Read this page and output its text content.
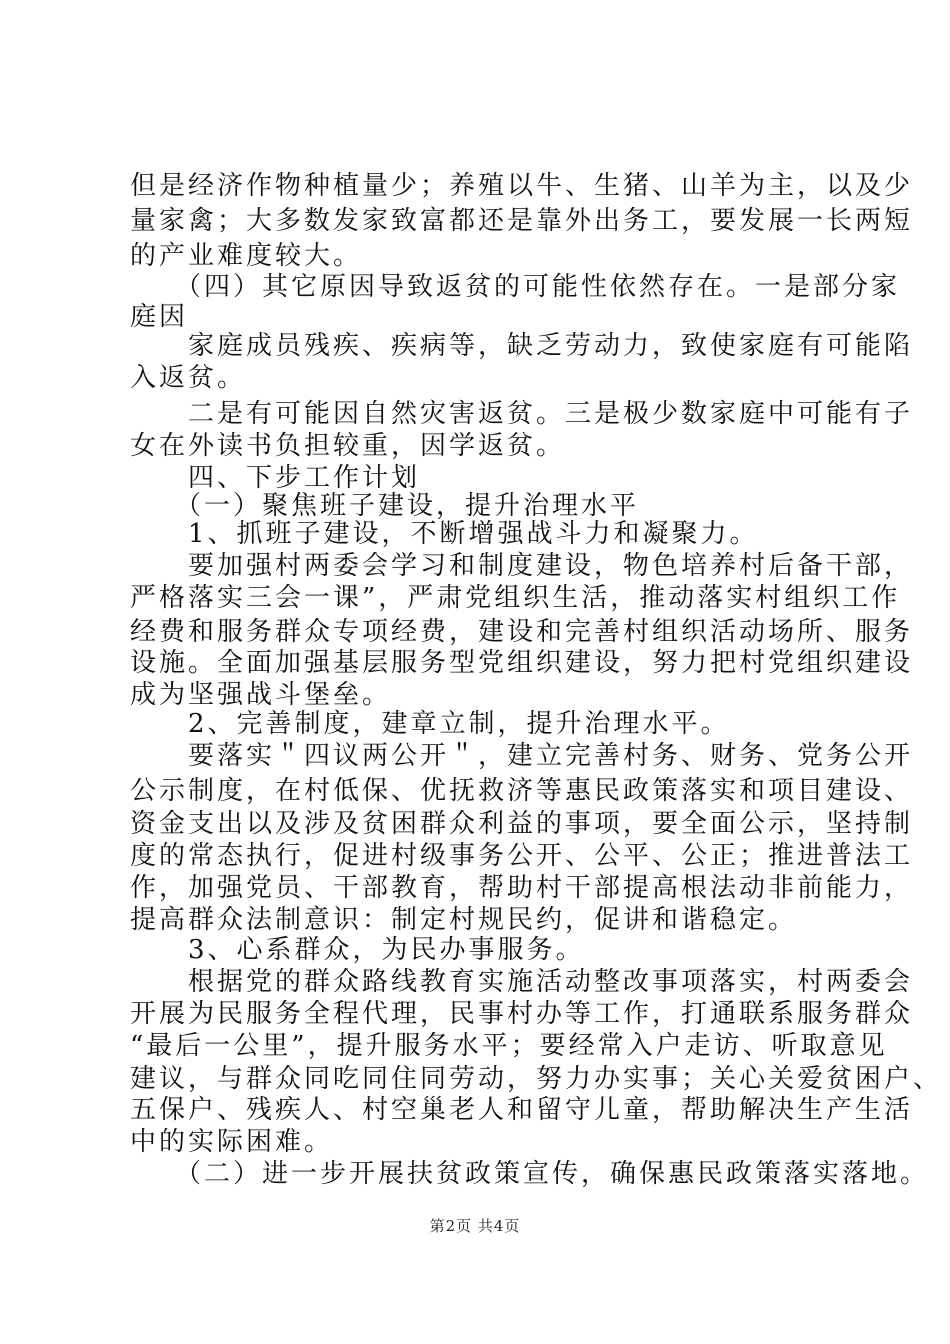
但是经济作物种植量少；养殖以牛、生猪、山羊为主，以及少
量家禽；大多数发家致富都还是靠外出务工，要发展一长两短
的产业难度较大。
　　（四）其它原因导致返贫的可能性依然存在。一是部分家
庭因
　　家庭成员残疾、疾病等，缺乏劳动力，致使家庭有可能陷
入返贫。
　　二是有可能因自然灾害返贫。三是极少数家庭中可能有子
女在外读书负担较重，因学返贫。
　　四、下步工作计划
　　（一）聚焦班子建设，提升治理水平
　　1、抓班子建设，不断增强战斗力和凝聚力。
　　要加强村两委会学习和制度建设，物色培养村后备干部，
严格落实三会一课”，严肃党组织生活，推动落实村组织工作
经费和服务群众专项经费，建设和完善村组织活动场所、服务
设施。全面加强基层服务型党组织建设，努力把村党组织建设
成为坚强战斗堡垒。
　　2、完善制度，建章立制，提升治理水平。
　　要落实＂四议两公开＂，建立完善村务、财务、党务公开
公示制度，在村低保、优抚救济等惠民政策落实和项目建设、
资金支出以及涉及贫困群众利益的事项，要全面公示，坚持制
度的常态执行，促进村级事务公开、公平、公正；推进普法工
作，加强党员、干部教育，帮助村干部提高根法动非前能力，
提高群众法制意识：制定村规民约，促讲和谐稳定。
　　3、心系群众，为民办事服务。
　　根据党的群众路线教育实施活动整改事项落实，村两委会
开展为民服务全程代理，民事村办等工作，打通联系服务群众
“最后一公里”，提升服务水平；要经常入户走访、听取意见
建议，与群众同吃同住同劳动，努力办实事；关心关爱贫困户、
五保户、残疾人、村空巢老人和留守儿童，帮助解决生产生活
中的实际困难。
　　（二）进一步开展扶贫政策宣传，确保惠民政策落实落地。
第2页 共4页
